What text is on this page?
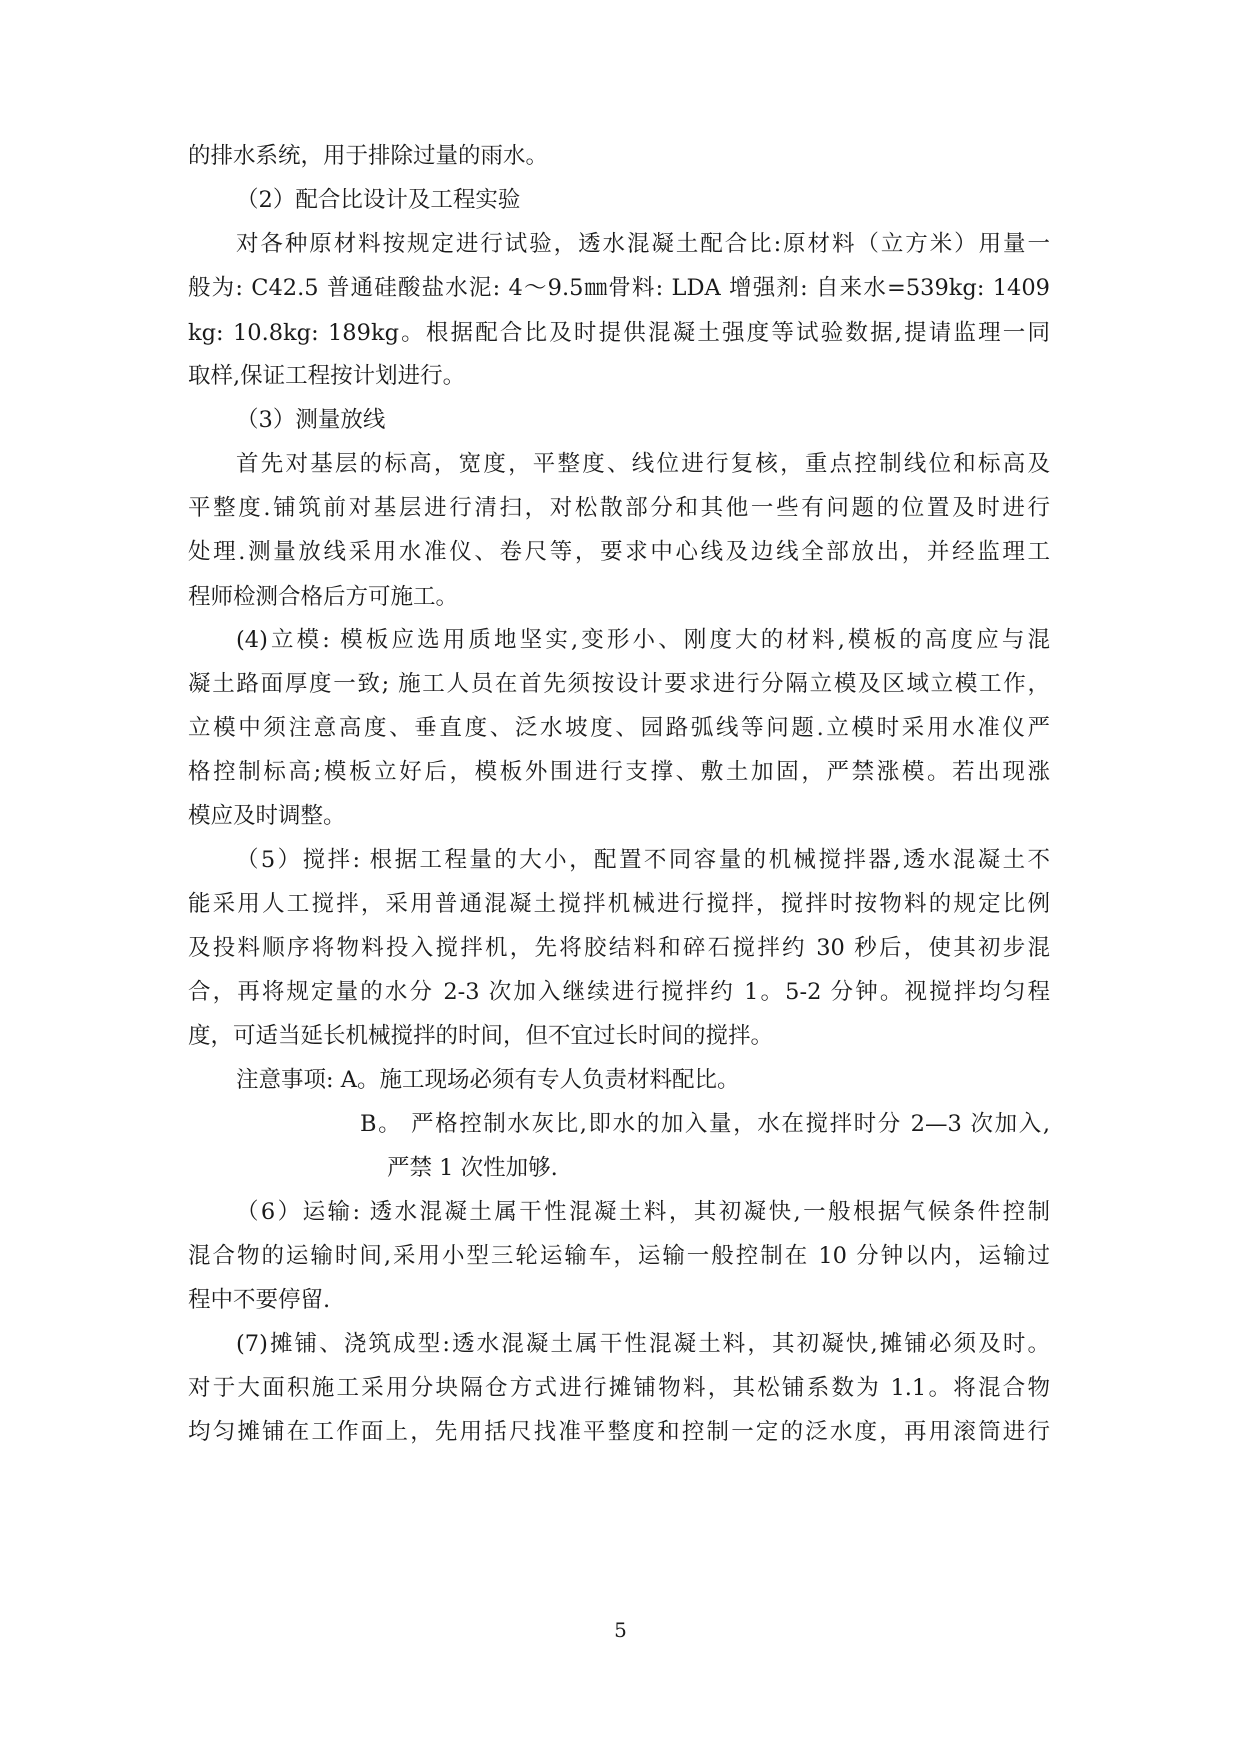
的排水系统，用于排除过量的雨水。
（2）配合比设计及工程实验
对各种原材料按规定进行试验，透水混凝土配合比:原材料（立方米）用量一
般为: C42.5 普通硅酸盐水泥: 4～9.5㎜骨料: LDA 增强剂: 自来水=539kg: 1409
kg: 10.8kg: 189kg。根据配合比及时提供混凝土强度等试验数据,提请监理一同
取样,保证工程按计划进行。
（3）测量放线
首先对基层的标高，宽度，平整度、线位进行复核，重点控制线位和标高及
平整度.铺筑前对基层进行清扫，对松散部分和其他一些有问题的位置及时进行
处理.测量放线采用水准仪、卷尺等，要求中心线及边线全部放出，并经监理工
程师检测合格后方可施工。
(4)立模: 模板应选用质地坚实,变形小、刚度大的材料,模板的高度应与混
凝土路面厚度一致; 施工人员在首先须按设计要求进行分隔立模及区域立模工作，
立模中须注意高度、垂直度、泛水坡度、园路弧线等问题.立模时采用水准仪严
格控制标高;模板立好后，模板外围进行支撑、敷土加固，严禁涨模。若出现涨
模应及时调整。
（5）搅拌: 根据工程量的大小，配置不同容量的机械搅拌器,透水混凝土不
能采用人工搅拌，采用普通混凝土搅拌机械进行搅拌，搅拌时按物料的规定比例
及投料顺序将物料投入搅拌机，先将胶结料和碎石搅拌约 30 秒后，使其初步混
合，再将规定量的水分 2-3 次加入继续进行搅拌约 1。5-2 分钟。视搅拌均匀程
度，可适当延长机械搅拌的时间，但不宜过长时间的搅拌。
注意事项: A。施工现场必须有专人负责材料配比。
B。 严格控制水灰比,即水的加入量，水在搅拌时分 2—3 次加入,
严禁 1 次性加够.
（6）运输: 透水混凝土属干性混凝土料，其初凝快,一般根据气候条件控制
混合物的运输时间,采用小型三轮运输车，运输一般控制在 10 分钟以内，运输过
程中不要停留.
(7)摊铺、浇筑成型:透水混凝土属干性混凝土料，其初凝快,摊铺必须及时。
对于大面积施工采用分块隔仓方式进行摊铺物料，其松铺系数为 1.1。将混合物
均匀摊铺在工作面上，先用括尺找准平整度和控制一定的泛水度，再用滚筒进行
5
